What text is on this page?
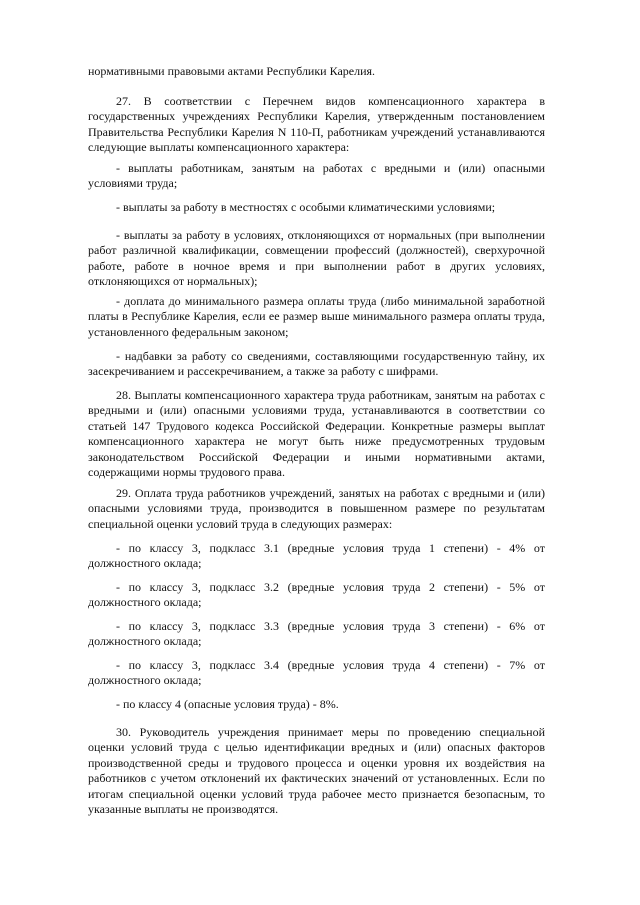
нормативными правовыми актами Республики Карелия.

27. В соответствии с Перечнем видов компенсационного характера в государственных учреждениях Республики Карелия, утвержденным постановлением Правительства Республики Карелия N 110-П, работникам учреждений устанавливаются следующие выплаты компенсационного характера:

- выплаты работникам, занятым на работах с вредными и (или) опасными условиями труда;

- выплаты за работу в местностях с особыми климатическими условиями;

- выплаты за работу в условиях, отклоняющихся от нормальных (при выполнении работ различной квалификации, совмещении профессий (должностей), сверхурочной работе, работе в ночное время и при выполнении работ в других условиях, отклоняющихся от нормальных);

- доплата до минимального размера оплаты труда (либо минимальной заработной платы в Республике Карелия, если ее размер выше минимального размера оплаты труда, установленного федеральным законом;

- надбавки за работу со сведениями, составляющими государственную тайну, их засекречиванием и рассекречиванием, а также за работу с шифрами.

28. Выплаты компенсационного характера труда работникам, занятым на работах с вредными и (или) опасными условиями труда, устанавливаются в соответствии со статьей 147 Трудового кодекса Российской Федерации. Конкретные размеры выплат компенсационного характера не могут быть ниже предусмотренных трудовым законодательством Российской Федерации и иными нормативными актами, содержащими нормы трудового права.

29. Оплата труда работников учреждений, занятых на работах с вредными и (или) опасными условиями труда, производится в повышенном размере по результатам специальной оценки условий труда в следующих размерах:

- по классу 3, подкласс 3.1 (вредные условия труда 1 степени) - 4% от должностного оклада;

- по классу 3, подкласс 3.2 (вредные условия труда 2 степени) - 5% от должностного оклада;

- по классу 3, подкласс 3.3 (вредные условия труда 3 степени) - 6% от должностного оклада;

- по классу 3, подкласс 3.4 (вредные условия труда 4 степени) - 7% от должностного оклада;

- по классу 4 (опасные условия труда) - 8%.

30. Руководитель учреждения принимает меры по проведению специальной оценки условий труда с целью идентификации вредных и (или) опасных факторов производственной среды и трудового процесса и оценки уровня их воздействия на работников с учетом отклонений их фактических значений от установленных. Если по итогам специальной оценки условий труда рабочее место признается безопасным, то указанные выплаты не производятся.
